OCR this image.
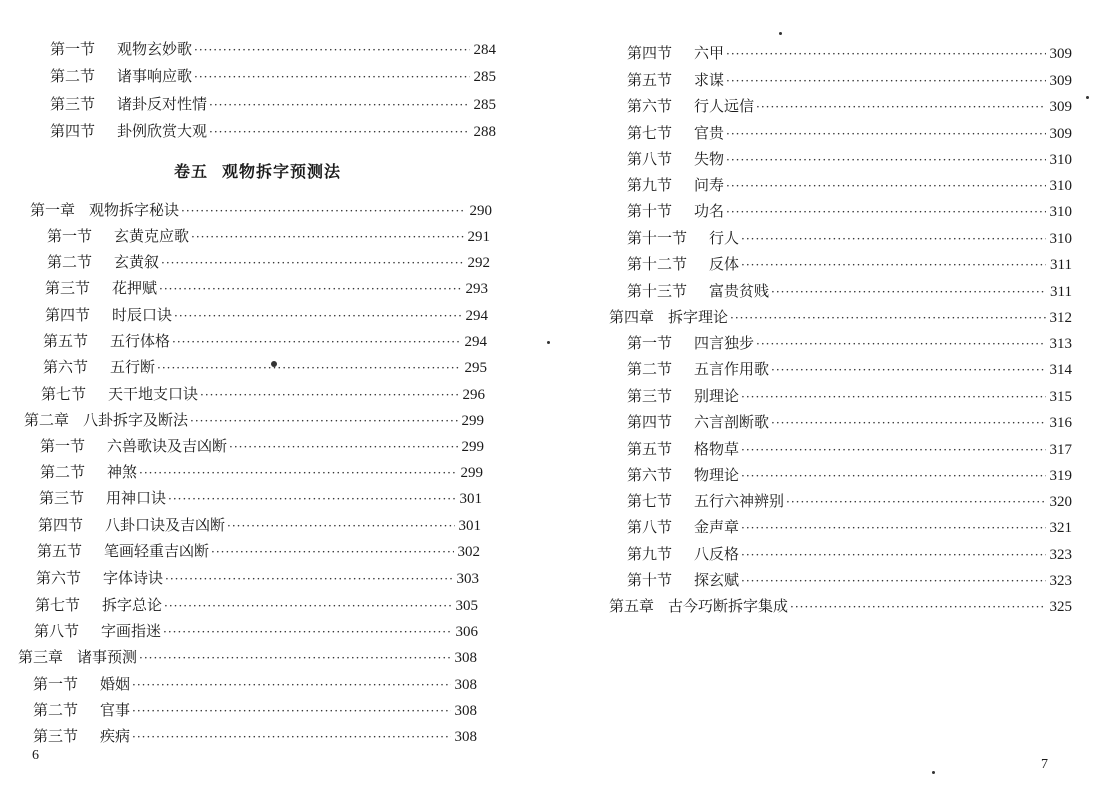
第一节 观物玄妙歌 ·····	284
第二节 诸事响应歌 ·····	285
第三节 诸卦反对性情 ·····	285
第四节 卦例欣赏大观 ·····	288
卷五 观物拆字预测法
第一章 观物拆字秘诀 ·····	290
第一节 玄黄克应歌 ·····	291
第二节 玄黄叙 ·····	292
第三节 花押赋 ·····	293
第四节 时辰口诀 ·····	294
第五节 五行体格 ·····	294
第六节 五行断 ·····	295
第七节 天干地支口诀 ·····	296
第二章 八卦拆字及断法 ·····	299
第一节 六兽歌诀及吉凶断 ·····	299
第二节 神煞 ·····	299
第三节 用神口诀 ·····	301
第四节 八卦口诀及吉凶断 ·····	301
第五节 笔画轻重吉凶断 ·····	302
第六节 字体诗诀 ·····	303
第七节 拆字总论 ·····	305
第八节 字画指迷 ·····	306
第三章 诸事预测 ·····	308
第一节 婚姻 ·····	308
第二节 官事 ·····	308
第三节 疾病 ·····	308
6
第四节 六甲 ·····	309
第五节 求谋 ·····	309
第六节 行人远信 ·····	309
第七节 官贵 ·····	309
第八节 失物 ·····	310
第九节 问寿 ·····	310
第十节 功名 ·····	310
第十一节 行人 ·····	310
第十二节 反体 ·····	311
第十三节 富贵贫贱 ·····	311
第四章 拆字理论 ·····	312
第一节 四言独步 ·····	313
第二节 五言作用歌 ·····	314
第三节 别理论 ·····	315
第四节 六言剖断歌 ·····	316
第五节 格物草 ·····	317
第六节 物理论 ·····	319
第七节 五行六神辨别 ·····	320
第八节 金声章 ·····	321
第九节 八反格 ·····	323
第十节 探玄赋 ·····	323
第五章 古今巧断拆字集成 ·····	325
7
